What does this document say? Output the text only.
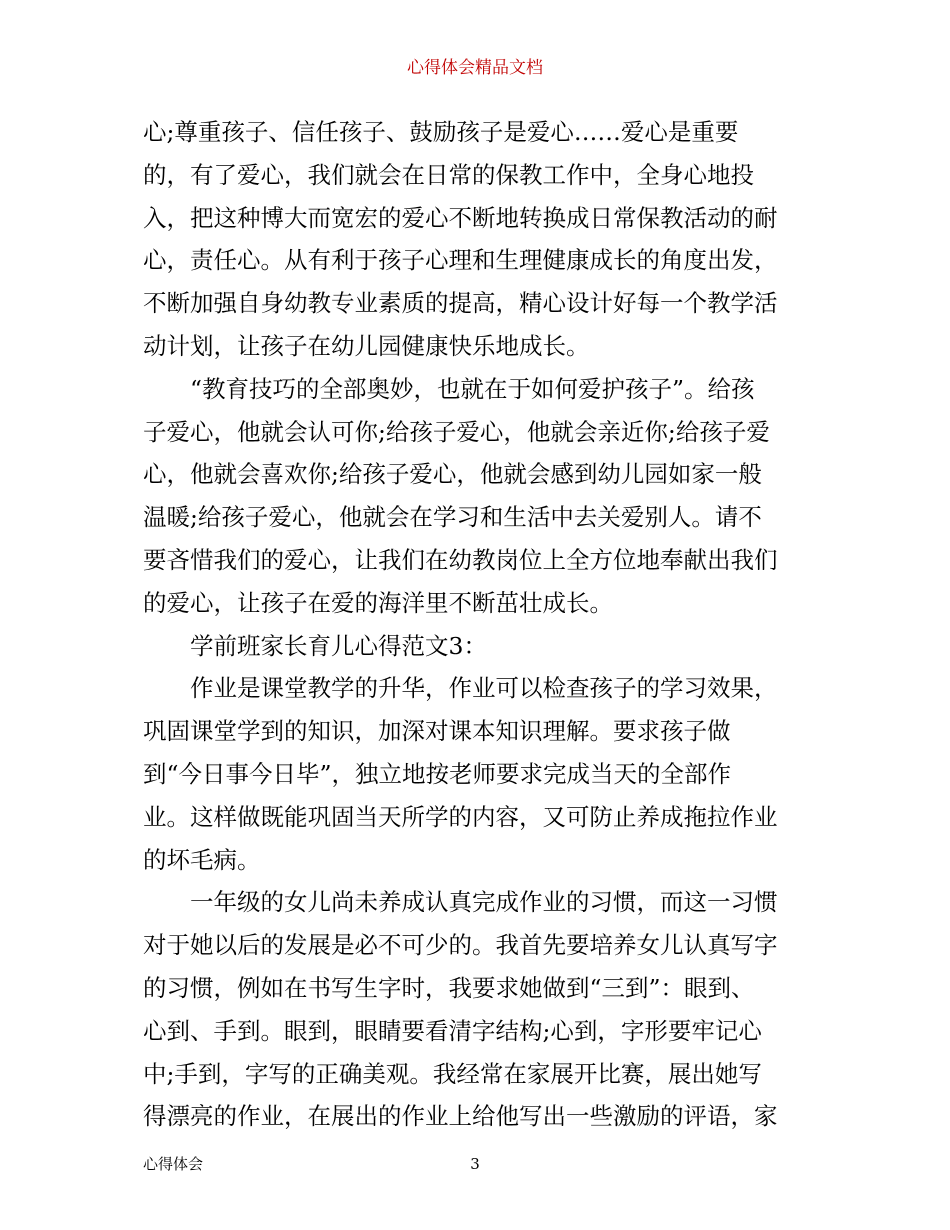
心得体会精品文档
心;尊重孩子、信任孩子、鼓励孩子是爱心……爱心是重要
的，有了爱心，我们就会在日常的保教工作中，全身心地投
入，把这种博大而宽宏的爱心不断地转换成日常保教活动的耐
心，责任心。从有利于孩子心理和生理健康成长的角度出发，
不断加强自身幼教专业素质的提高，精心设计好每一个教学活
动计划，让孩子在幼儿园健康快乐地成长。
　　“教育技巧的全部奥妙，也就在于如何爱护孩子”。给孩
子爱心，他就会认可你;给孩子爱心，他就会亲近你;给孩子爱
心，他就会喜欢你;给孩子爱心，他就会感到幼儿园如家一般
温暖;给孩子爱心，他就会在学习和生活中去关爱别人。请不
要吝惜我们的爱心，让我们在幼教岗位上全方位地奉献出我们
的爱心，让孩子在爱的海洋里不断茁壮成长。
　　学前班家长育儿心得范文3：
　　作业是课堂教学的升华，作业可以检查孩子的学习效果，
巩固课堂学到的知识，加深对课本知识理解。要求孩子做
到“今日事今日毕”，独立地按老师要求完成当天的全部作
业。这样做既能巩固当天所学的内容，又可防止养成拖拉作业
的坏毛病。
　　一年级的女儿尚未养成认真完成作业的习惯，而这一习惯
对于她以后的发展是必不可少的。我首先要培养女儿认真写字
的习惯，例如在书写生字时，我要求她做到“三到”：眼到、
心到、手到。眼到，眼睛要看清字结构;心到，字形要牢记心
中;手到，字写的正确美观。我经常在家展开比赛，展出她写
得漂亮的作业，在展出的作业上给他写出一些激励的评语，家
心得体会	3
